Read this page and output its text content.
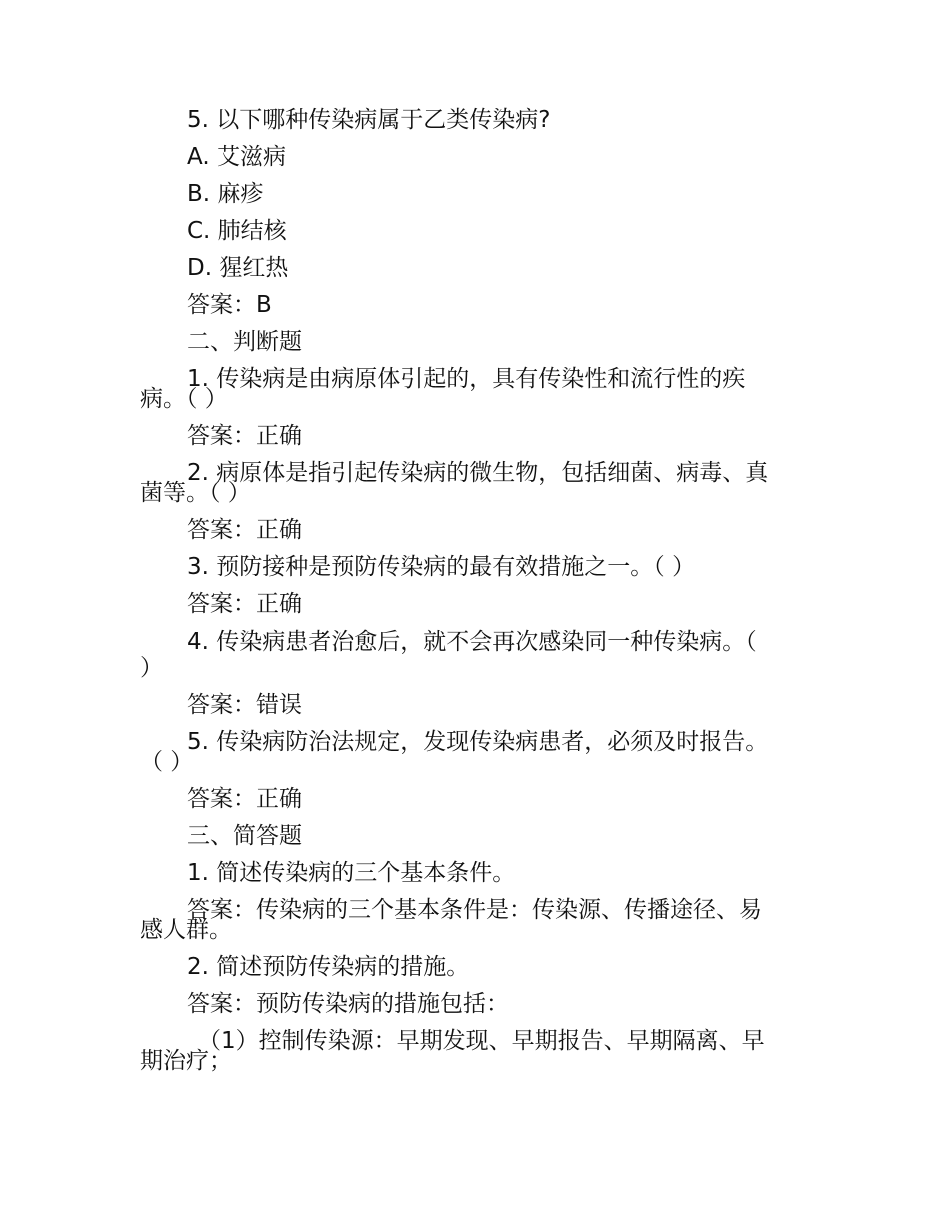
5. 以下哪种传染病属于乙类传染病?
A. 艾滋病
B. 麻疹
C. 肺结核
D. 猩红热
答案：B
二、判断题
1. 传染病是由病原体引起的，具有传染性和流行性的疾
病。（ ）
答案：正确
2. 病原体是指引起传染病的微生物，包括细菌、病毒、真
菌等。（ ）
答案：正确
3. 预防接种是预防传染病的最有效措施之一。（ ）
答案：正确
4. 传染病患者治愈后，就不会再次感染同一种传染病。（
）
答案：错误
5. 传染病防治法规定，发现传染病患者，必须及时报告。
（ ）
答案：正确
三、简答题
1. 简述传染病的三个基本条件。
答案：传染病的三个基本条件是：传染源、传播途径、易
感人群。
2. 简述预防传染病的措施。
答案：预防传染病的措施包括：
（1）控制传染源：早期发现、早期报告、早期隔离、早
期治疗；
